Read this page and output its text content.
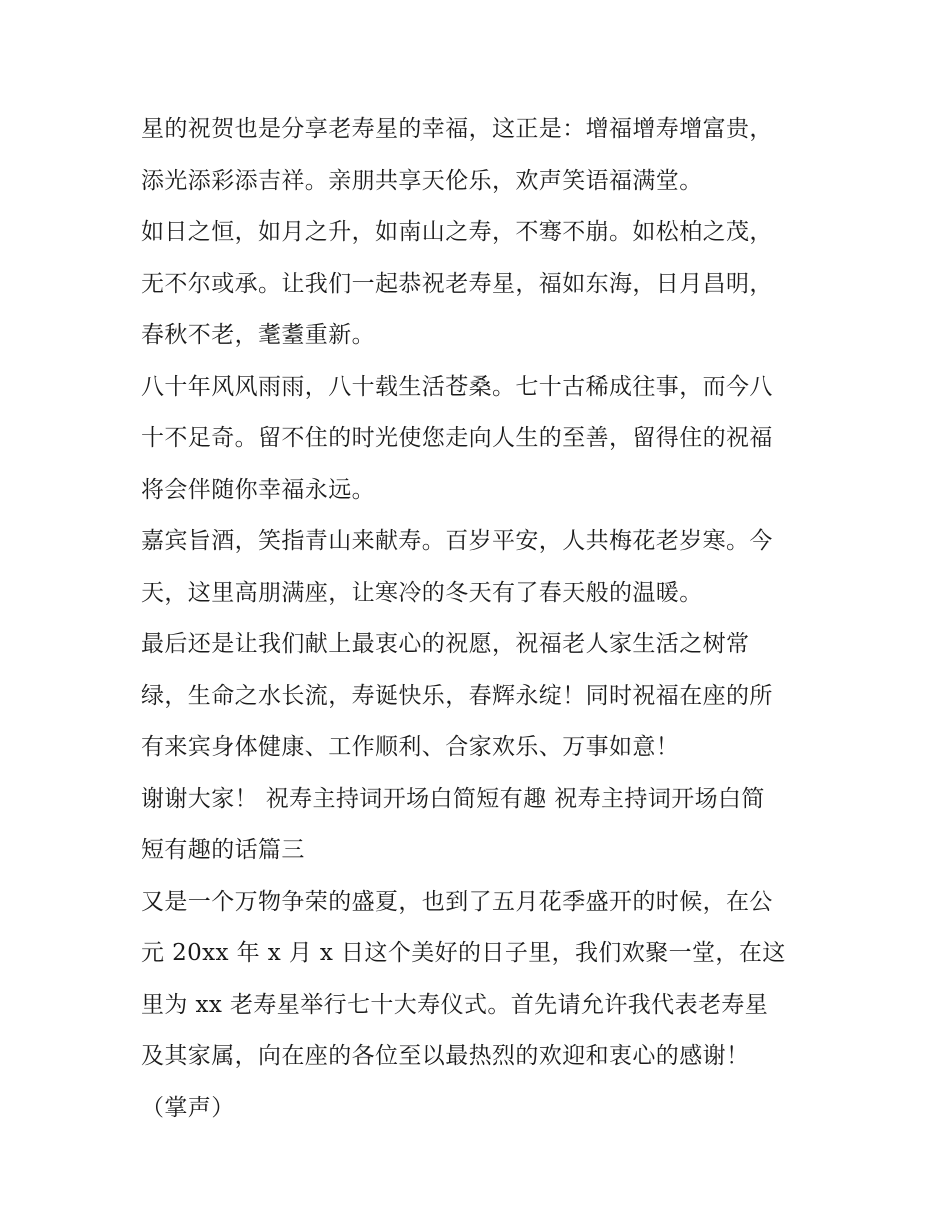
星的祝贺也是分享老寿星的幸福，这正是：增福增寿增富贵，
添光添彩添吉祥。亲朋共享天伦乐，欢声笑语福满堂。
如日之恒，如月之升，如南山之寿，不骞不崩。如松柏之茂，
无不尔或承。让我们一起恭祝老寿星，福如东海，日月昌明，
春秋不老，耄耋重新。
八十年风风雨雨，八十载生活苍桑。七十古稀成往事，而今八
十不足奇。留不住的时光使您走向人生的至善，留得住的祝福
将会伴随你幸福永远。
嘉宾旨酒，笑指青山来献寿。百岁平安，人共梅花老岁寒。今
天，这里高朋满座，让寒冷的冬天有了春天般的温暖。
最后还是让我们献上最衷心的祝愿，祝福老人家生活之树常
绿，生命之水长流，寿诞快乐，春辉永绽！同时祝福在座的所
有来宾身体健康、工作顺利、合家欢乐、万事如意！
谢谢大家！ 祝寿主持词开场白简短有趣 祝寿主持词开场白简
短有趣的话篇三
又是一个万物争荣的盛夏，也到了五月花季盛开的时候，在公
元 20xx 年 x 月 x 日这个美好的日子里，我们欢聚一堂，在这
里为 xx 老寿星举行七十大寿仪式。首先请允许我代表老寿星
及其家属，向在座的各位至以最热烈的欢迎和衷心的感谢！
（掌声）
